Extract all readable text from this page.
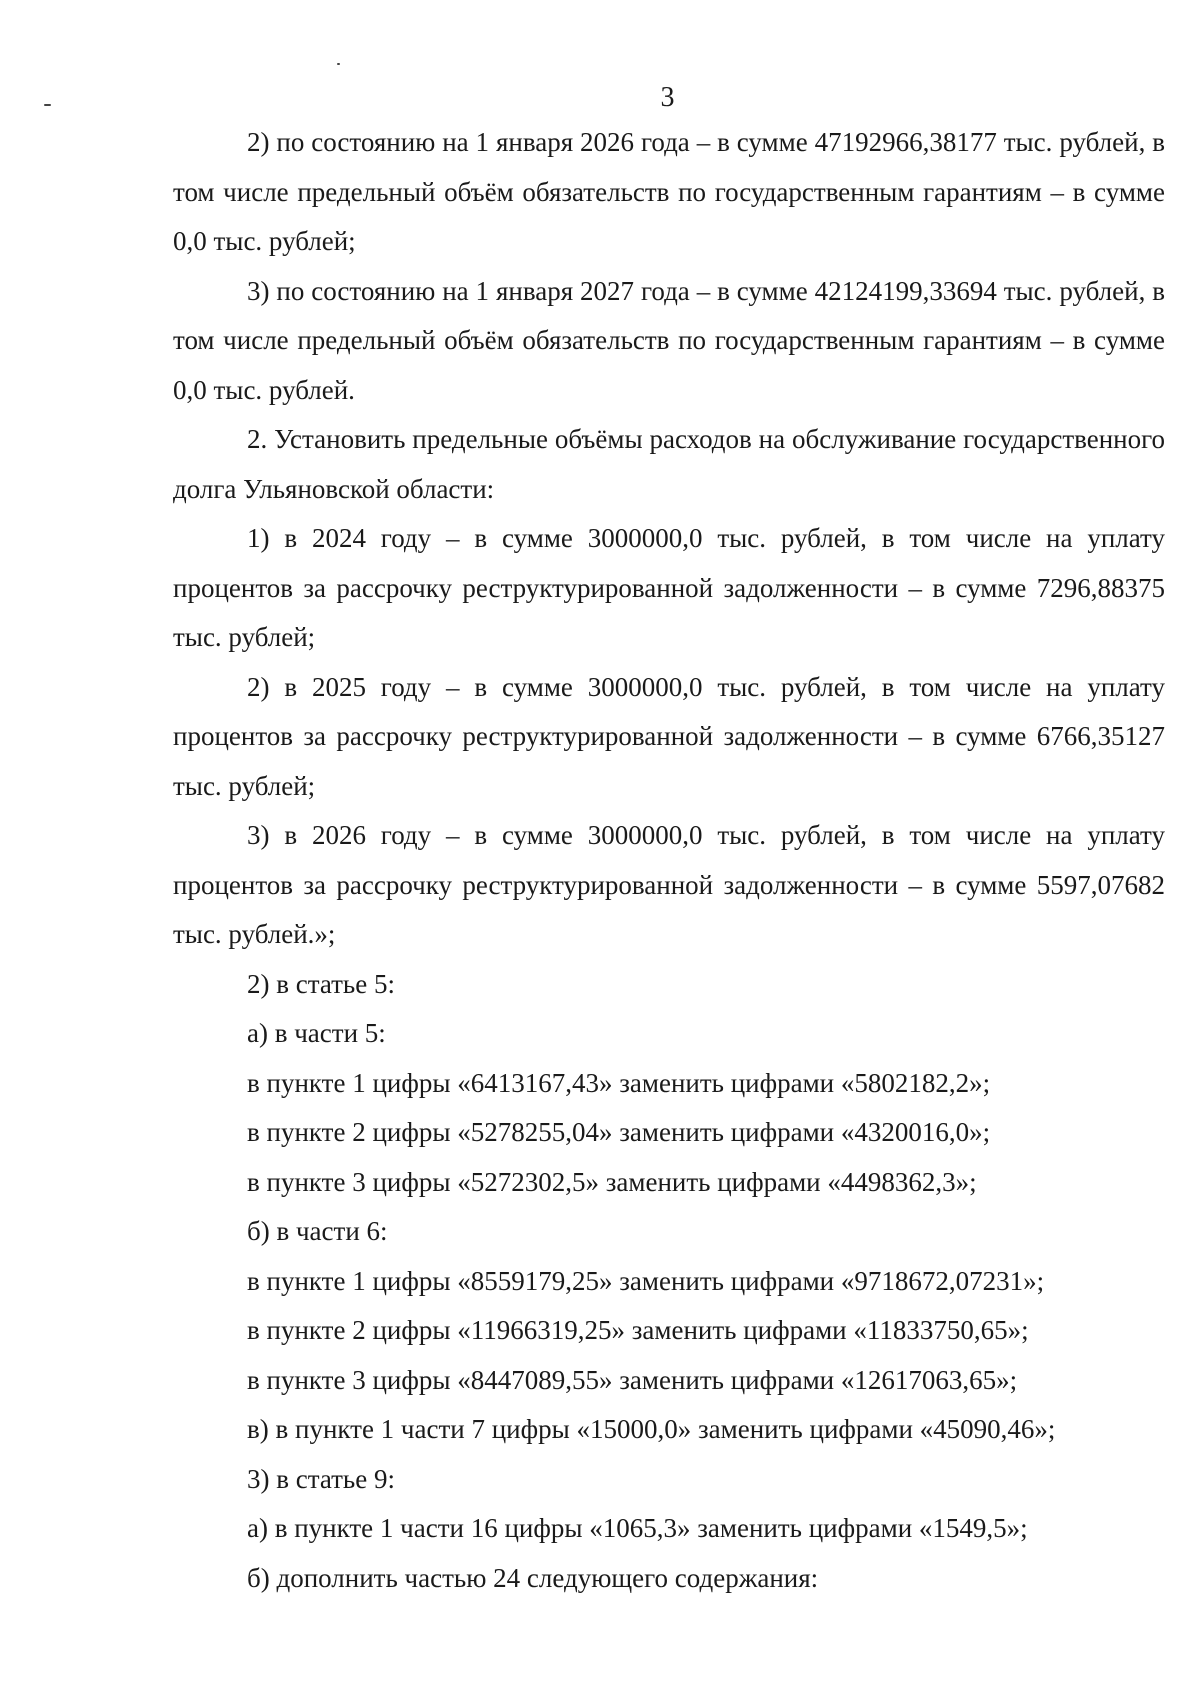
3

2) по состоянию на 1 января 2026 года – в сумме 47192966,38177 тыс. рублей, в том числе предельный объём обязательств по государственным гарантиям – в сумме 0,0 тыс. рублей;

3) по состоянию на 1 января 2027 года – в сумме 42124199,33694 тыс. рублей, в том числе предельный объём обязательств по государственным гарантиям – в сумме 0,0 тыс. рублей.

2. Установить предельные объёмы расходов на обслуживание государственного долга Ульяновской области:

1) в 2024 году – в сумме 3000000,0 тыс. рублей, в том числе на уплату процентов за рассрочку реструктурированной задолженности – в сумме 7296,88375 тыс. рублей;

2) в 2025 году – в сумме 3000000,0 тыс. рублей, в том числе на уплату процентов за рассрочку реструктурированной задолженности – в сумме 6766,35127 тыс. рублей;

3) в 2026 году – в сумме 3000000,0 тыс. рублей, в том числе на уплату процентов за рассрочку реструктурированной задолженности – в сумме 5597,07682 тыс. рублей.»;

2) в статье 5:

а) в части 5:

в пункте 1 цифры «6413167,43» заменить цифрами «5802182,2»;

в пункте 2 цифры «5278255,04» заменить цифрами «4320016,0»;

в пункте 3 цифры «5272302,5» заменить цифрами «4498362,3»;

б) в части 6:

в пункте 1 цифры «8559179,25» заменить цифрами «9718672,07231»;

в пункте 2 цифры «11966319,25» заменить цифрами «11833750,65»;

в пункте 3 цифры «8447089,55» заменить цифрами «12617063,65»;

в) в пункте 1 части 7 цифры «15000,0» заменить цифрами «45090,46»;

3) в статье 9:

а) в пункте 1 части 16 цифры «1065,3» заменить цифрами «1549,5»;

б) дополнить частью 24 следующего содержания:
